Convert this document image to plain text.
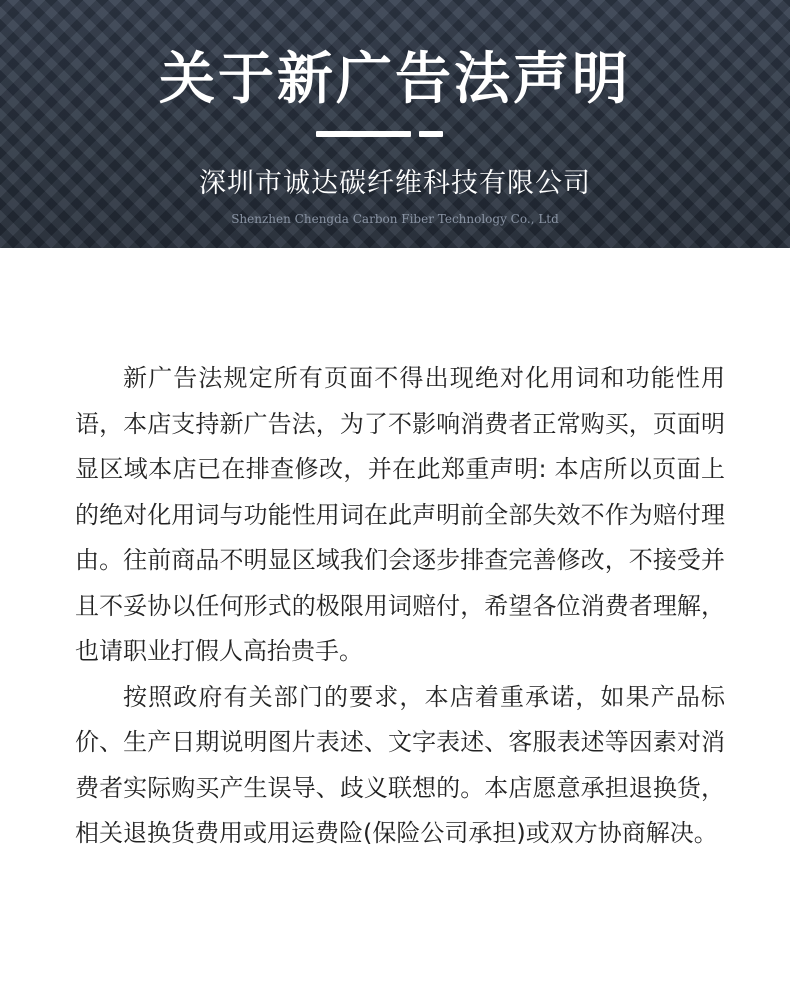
关于新广告法声明
深圳市诚达碳纤维科技有限公司
Shenzhen Chengda Carbon Fiber Technology Co., Ltd

新广告法规定所有页面不得出现绝对化用词和功能性用语，本店支持新广告法，为了不影响消费者正常购买，页面明显区域本店已在排查修改，并在此郑重声明: 本店所以页面上的绝对化用词与功能性用词在此声明前全部失效不作为赔付理由。往前商品不明显区域我们会逐步排查完善修改，不接受并且不妥协以任何形式的极限用词赔付，希望各位消费者理解，也请职业打假人高抬贵手。

按照政府有关部门的要求，本店着重承诺，如果产品标价、生产日期说明图片表述、文字表述、客服表述等因素对消费者实际购买产生误导、歧义联想的。本店愿意承担退换货，相关退换货费用或用运费险(保险公司承担)或双方协商解决。
